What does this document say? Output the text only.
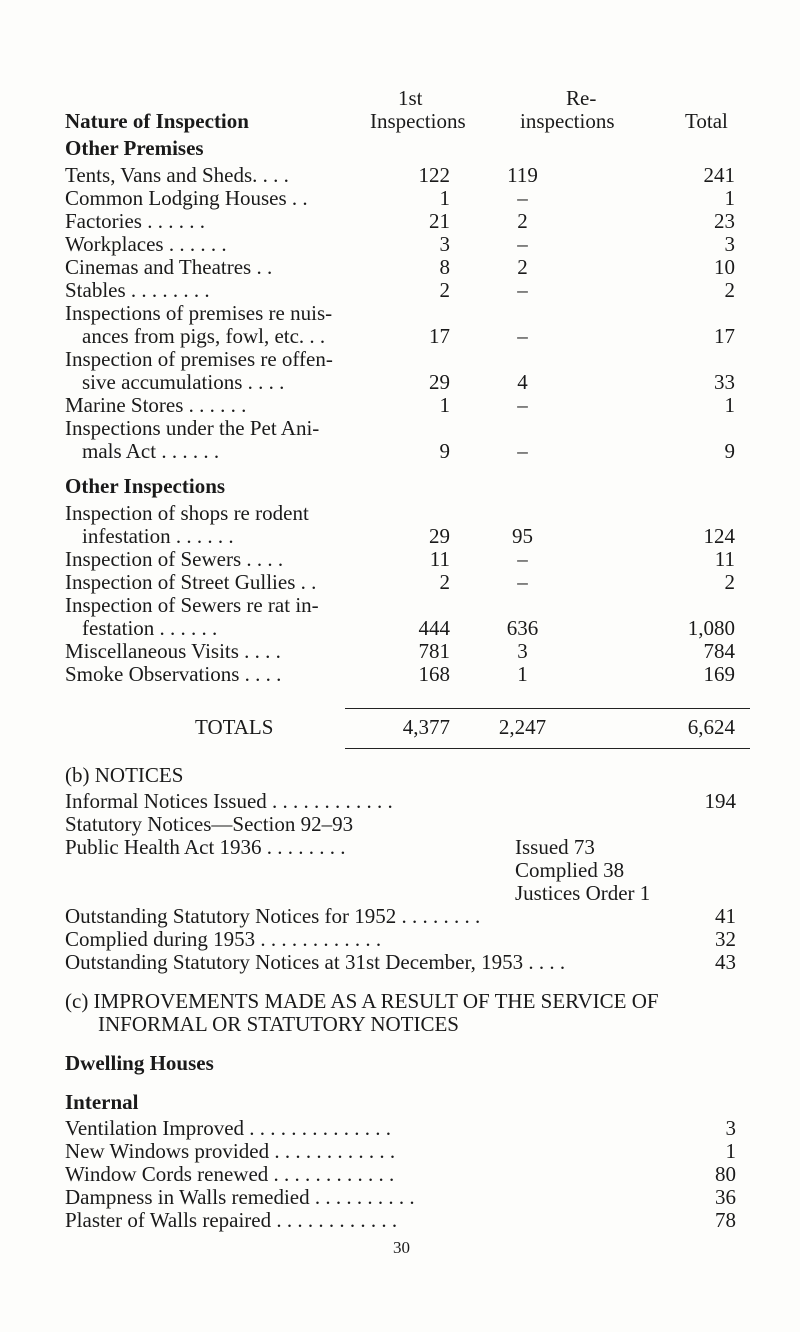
1st	Re-
Nature of Inspection	Inspections	inspections	Total
Other Premises
Tents, Vans and Sheds. . . .	122	119	241
Common Lodging Houses . .	1	–	1
Factories . . . . . .	21	2	23
Workplaces . . . . . .	3	–	3
Cinemas and Theatres . .	8	2	10
Stables . . . . . . . .	2	–	2
Inspections of premises re nuis-
ances from pigs, fowl, etc. . .	17	–	17
Inspection of premises re offen-
sive accumulations . . . .	29	4	33
Marine Stores . . . . . .	1	–	1
Inspections under the Pet Ani-
mals Act . . . . . .	9	–	9
Other Inspections
Inspection of shops re rodent
infestation . . . . . .	29	95	124
Inspection of Sewers . . . .	11	–	11
Inspection of Street Gullies . .	2	–	2
Inspection of Sewers re rat in-
festation . . . . . .	444	636	1,080
Miscellaneous Visits . . . .	781	3	784
Smoke Observations . . . .	168	1	169
TOTALS	4,377	2,247	6,624
(b) NOTICES
Informal Notices Issued . . . . . . . . . . . .	194
Statutory Notices—Section 92–93
Public Health Act 1936 . . . . . . . .	Issued 73
Complied 38
Justices Order 1
Outstanding Statutory Notices for 1952 . . . . . . . .	41
Complied during 1953 . . . . . . . . . . . .	32
Outstanding Statutory Notices at 31st December, 1953 . . . .	43
(c) IMPROVEMENTS MADE AS A RESULT OF THE SERVICE OF
INFORMAL OR STATUTORY NOTICES
Dwelling Houses
Internal
Ventilation Improved . . . . . . . . . . . . . .	3
New Windows provided . . . . . . . . . . . .	1
Window Cords renewed . . . . . . . . . . . .	80
Dampness in Walls remedied . . . . . . . . . .	36
Plaster of Walls repaired . . . . . . . . . . . .	78
30
